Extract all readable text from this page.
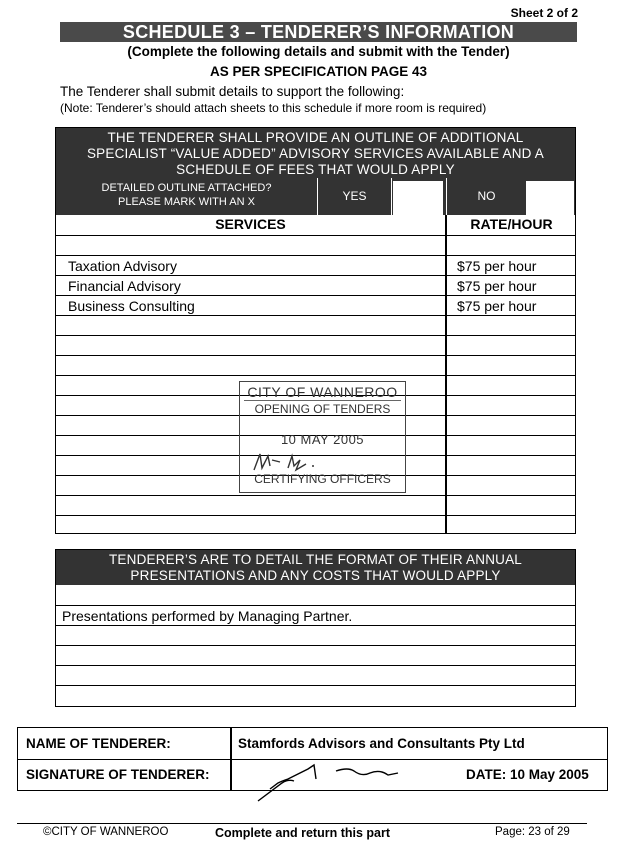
Sheet 2 of 2
SCHEDULE 3 – TENDERER’S INFORMATION
(Complete the following details and submit with the Tender)
AS PER SPECIFICATION PAGE 43
The Tenderer shall submit details to support the following:
(Note: Tenderer’s should attach sheets to this schedule if more room is required)
THE TENDERER SHALL PROVIDE AN OUTLINE OF ADDITIONAL
SPECIALIST “VALUE ADDED” ADVISORY SERVICES AVAILABLE AND A
SCHEDULE OF FEES THAT WOULD APPLY
DETAILED OUTLINE ATTACHED?
PLEASE MARK WITH AN X	YES	NO
SERVICES	RATE/HOUR
Taxation Advisory	$75 per hour
Financial Advisory	$75 per hour
Business Consulting	$75 per hour
CITY OF WANNEROO
OPENING OF TENDERS
10 MAY 2005
CERTIFYING OFFICERS
TENDERER’S ARE TO DETAIL THE FORMAT OF THEIR ANNUAL
PRESENTATIONS AND ANY COSTS THAT WOULD APPLY
Presentations performed by Managing Partner.
NAME OF TENDERER:	Stamfords Advisors and Consultants Pty Ltd
SIGNATURE OF TENDERER:	DATE: 10 May 2005
©CITY OF WANNEROO	Complete and return this part	Page: 23 of 29
